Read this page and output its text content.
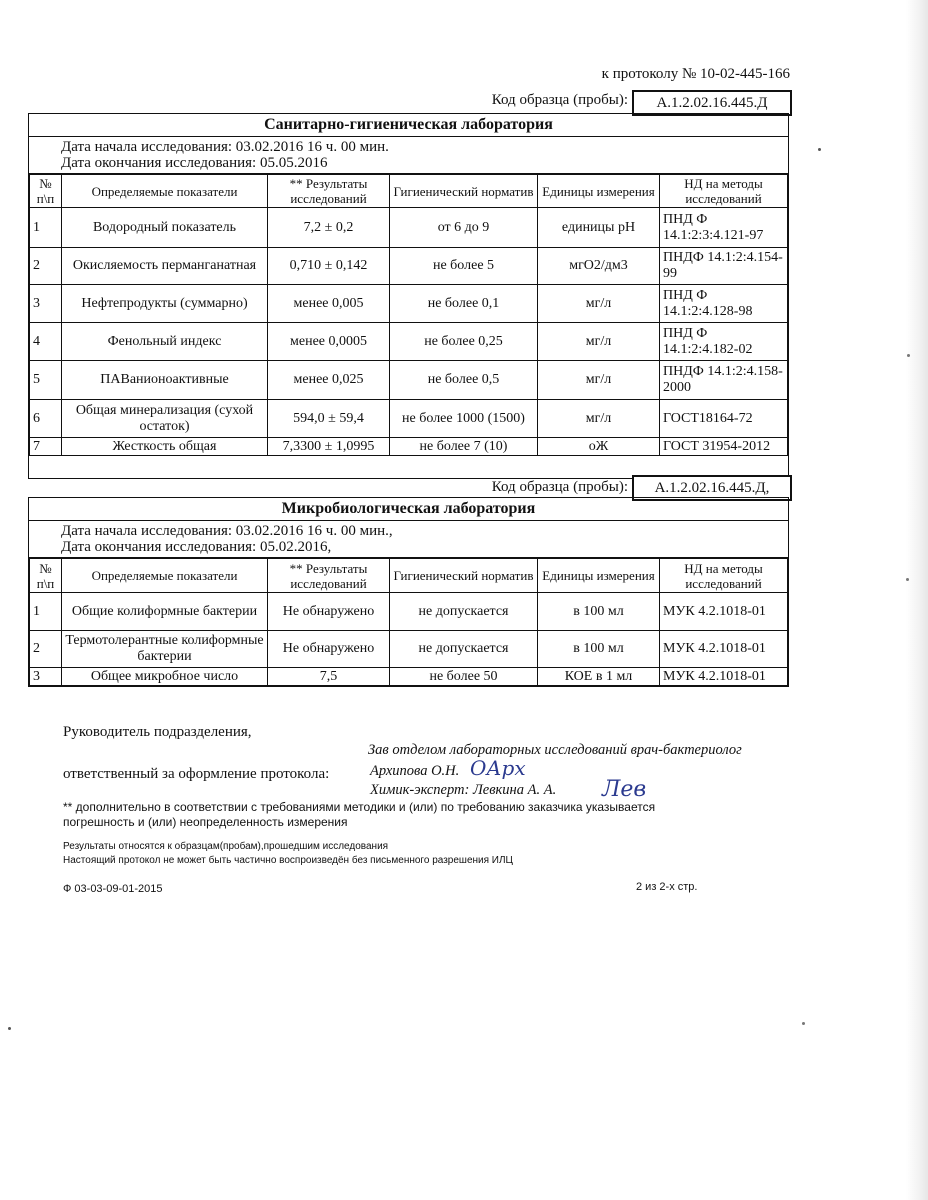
к протоколу № 10-02-445-166
Код образца (пробы):	А.1.2.02.16.445.Д
Санитарно-гигиеническая лаборатория
Дата начала исследования: 03.02.2016 16 ч. 00 мин.
Дата окончания исследования: 05.05.2016
№ п\п	Определяемые показатели	** Результаты исследований	Гигиенический норматив	Единицы измерения	НД на методы исследований
1	Водородный показатель	7,2 ± 0,2	от 6 до 9	единицы рН	ПНД Ф 14.1:2:3:4.121-97
2	Окисляемость перманганатная	0,710 ± 0,142	не более 5	мгО2/дм3	ПНДФ 14.1:2:4.154-99
3	Нефтепродукты (суммарно)	менее 0,005	не более 0,1	мг/л	ПНД Ф 14.1:2:4.128-98
4	Фенольный индекс	менее 0,0005	не более 0,25	мг/л	ПНД Ф 14.1:2:4.182-02
5	ПАВанионоактивные	менее 0,025	не более 0,5	мг/л	ПНДФ 14.1:2:4.158-2000
6	Общая минерализация (сухой остаток)	594,0 ± 59,4	не более 1000 (1500)	мг/л	ГОСТ18164-72
7	Жесткость общая	7,3300 ± 1,0995	не более 7 (10)	оЖ	ГОСТ 31954-2012
Код образца (пробы):	А.1.2.02.16.445.Д,
Микробиологическая лаборатория
Дата начала исследования: 03.02.2016 16 ч. 00 мин.,
Дата окончания исследования: 05.02.2016,
№ п\п	Определяемые показатели	** Результаты исследований	Гигиенический норматив	Единицы измерения	НД на методы исследований
1	Общие колиформные бактерии	Не обнаружено	не допускается	в 100 мл	МУК 4.2.1018-01
2	Термотолерантные колиформные бактерии	Не обнаружено	не допускается	в 100 мл	МУК 4.2.1018-01
3	Общее микробное число	7,5	не более 50	КОЕ в 1 мл	МУК 4.2.1018-01
Руководитель подразделения,
Зав отделом лабораторных исследований врач-бактериолог
ответственный за оформление протокола:	Архипова О.Н. ОАрх
Химик-эксперт: Левкина А. А. Лев
** дополнительно в соответствии с требованиями методики и (или) по требованию заказчика указывается
погрешность и (или) неопределенность измерения
Результаты относятся к образцам(пробам),прошедшим исследования
Настоящий протокол не может быть частично воспроизведён без письменного разрешения ИЛЦ
Ф 03-03-09-01-2015	2 из 2-х стр.
